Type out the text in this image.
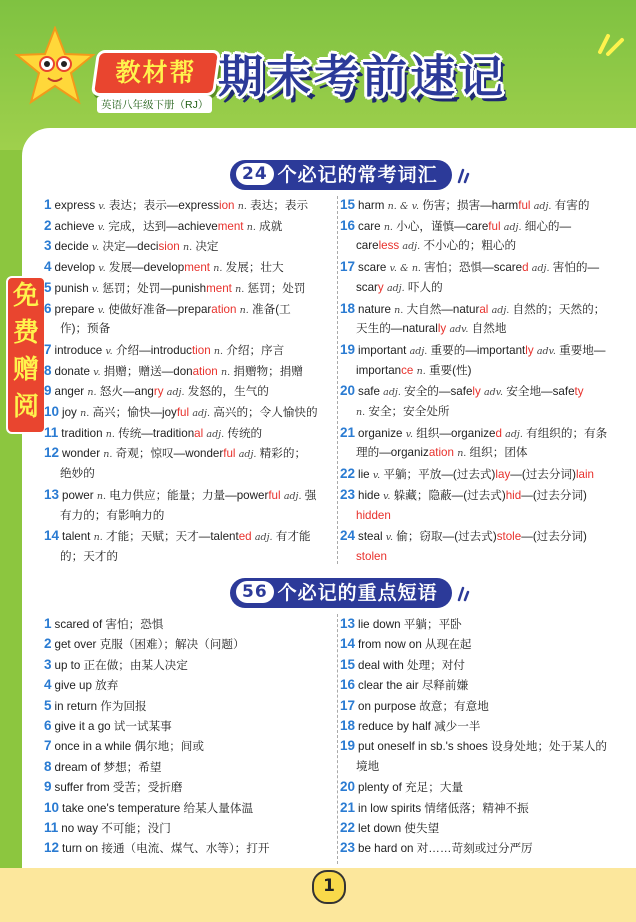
教材帮
英语八年级下册（RJ）
期末考前速记
免
费
赠
阅
24 个必记的常考词汇
56 个必记的重点短语
1 express v. 表达；表示—expression n. 表达；表示
2 achieve v. 完成，达到—achievement n. 成就
3 decide v. 决定—decision n. 决定
4 develop v. 发展—development n. 发展；壮大
5 punish v. 惩罚；处罚—punishment n. 惩罚；处罚
6 prepare v. 使做好准备—preparation n. 准备(工
作)；预备
7 introduce v. 介绍—introduction n. 介绍；序言
8 donate v. 捐赠；赠送—donation n. 捐赠物；捐赠
9 anger n. 怒火—angry adj. 发怒的，生气的
10 joy n. 高兴；愉快—joyful adj. 高兴的；令人愉快的
11 tradition n. 传统—traditional adj. 传统的
12 wonder n. 奇观；惊叹—wonderful adj. 精彩的；
绝妙的
13 power n. 电力供应；能量；力量—powerful adj. 强
有力的；有影响力的
14 talent n. 才能；天赋；天才—talented adj. 有才能
的；天才的
15 harm n. & v. 伤害；损害—harmful adj. 有害的
16 care n. 小心，谨慎—careful adj. 细心的—
careless adj. 不小心的；粗心的
17 scare v. & n. 害怕；恐惧—scared adj. 害怕的—
scary adj. 吓人的
18 nature n. 大自然—natural adj. 自然的；天然的；
天生的—naturally adv. 自然地
19 important adj. 重要的—importantly adv. 重要地—
importance n. 重要(性)
20 safe adj. 安全的—safely adv. 安全地—safety
n. 安全；安全处所
21 organize v. 组织—organized adj. 有组织的；有条
理的—organization n. 组织；团体
22 lie v. 平躺；平放—(过去式)lay—(过去分词)lain
23 hide v. 躲藏；隐蔽—(过去式)hid—(过去分词)
hidden
24 steal v. 偷；窃取—(过去式)stole—(过去分词)
stolen
1 scared of 害怕；恐惧
2 get over 克服（困难）；解决（问题）
3 up to 正在做；由某人决定
4 give up 放弃
5 in return 作为回报
6 give it a go 试一试某事
7 once in a while 偶尔地；间或
8 dream of 梦想；希望
9 suffer from 受苦；受折磨
10 take one's temperature 给某人量体温
11 no way 不可能；没门
12 turn on 接通（电流、煤气、水等）；打开
13 lie down 平躺；平卧
14 from now on 从现在起
15 deal with 处理；对付
16 clear the air 尽释前嫌
17 on purpose 故意；有意地
18 reduce by half 减少一半
19 put oneself in sb.'s shoes 设身处地；处于某人的
境地
20 plenty of 充足；大量
21 in low spirits 情绪低落；精神不振
22 let down 使失望
23 be hard on 对……苛刻或过分严厉
1
